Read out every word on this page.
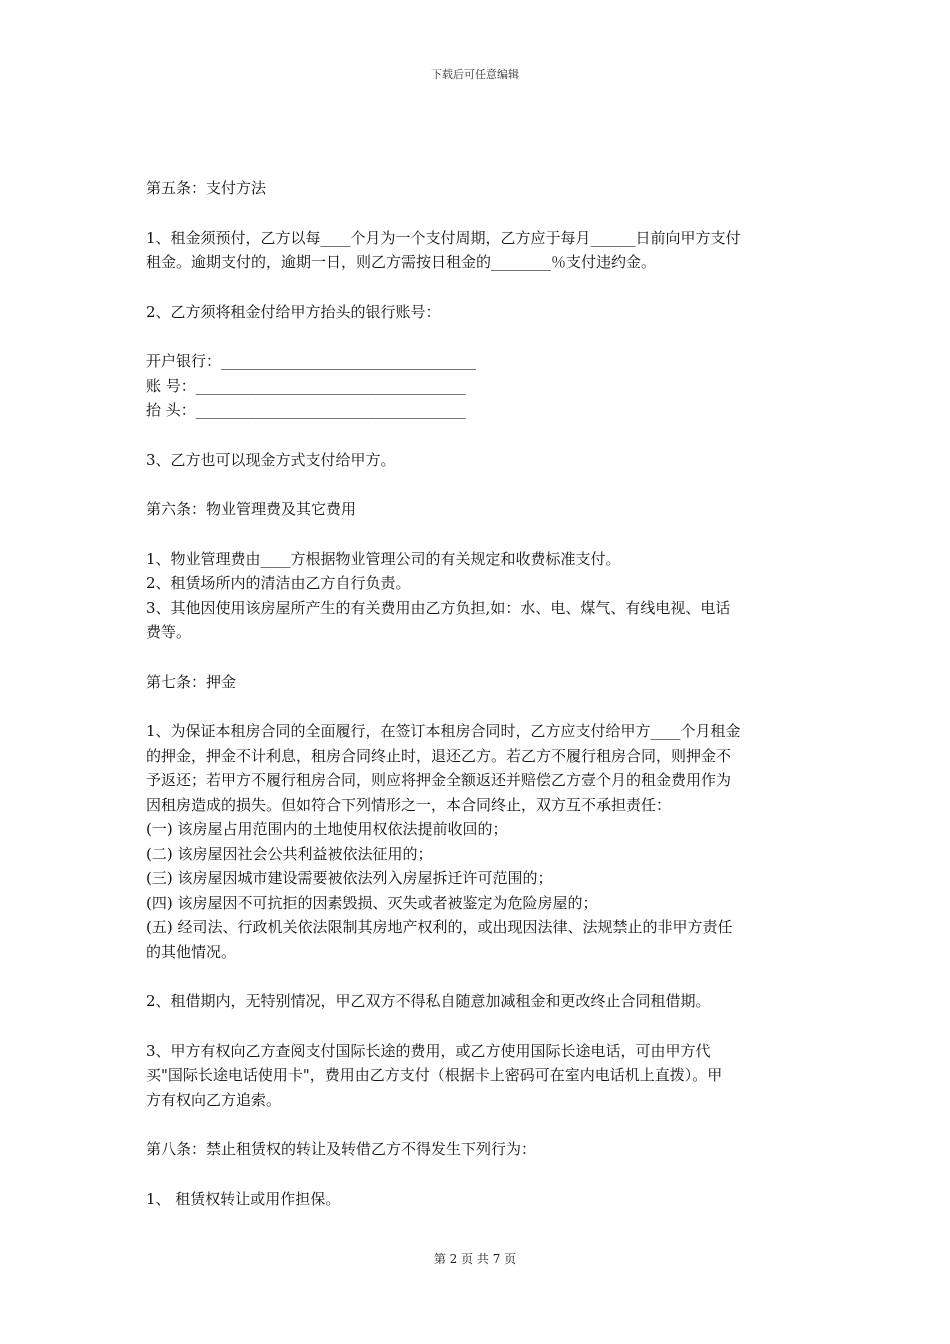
下载后可任意编辑

第五条：支付方法

1、租金须预付，乙方以每____个月为一个支付周期，乙方应于每月______日前向甲方支付

租金。逾期支付的，逾期一日，则乙方需按日租金的________％支付违约金。

2、乙方须将租金付给甲方抬头的银行账号：

开户银行：__________________________________

账 号：____________________________________

抬 头：____________________________________

3、乙方也可以现金方式支付给甲方。

第六条：物业管理费及其它费用

1、物业管理费由____方根据物业管理公司的有关规定和收费标准支付。

2、租赁场所内的清洁由乙方自行负责。

3、其他因使用该房屋所产生的有关费用由乙方负担,如：水、电、煤气、有线电视、电话

费等。

第七条：押金

1、为保证本租房合同的全面履行，在签订本租房合同时，乙方应支付给甲方____个月租金

的押金，押金不计利息，租房合同终止时，退还乙方。若乙方不履行租房合同，则押金不

予返还；若甲方不履行租房合同，则应将押金全额返还并赔偿乙方壹个月的租金费用作为

因租房造成的损失。但如符合下列情形之一，本合同终止，双方互不承担责任：

(一) 该房屋占用范围内的土地使用权依法提前收回的；

(二) 该房屋因社会公共利益被依法征用的；

(三) 该房屋因城市建设需要被依法列入房屋拆迁许可范围的；

(四) 该房屋因不可抗拒的因素毁损、灭失或者被鉴定为危险房屋的；

(五) 经司法、行政机关依法限制其房地产权利的，或出现因法律、法规禁止的非甲方责任

的其他情况。

2、租借期内，无特别情况，甲乙双方不得私自随意加减租金和更改终止合同租借期。

3、甲方有权向乙方查阅支付国际长途的费用，或乙方使用国际长途电话，可由甲方代

买"国际长途电话使用卡"，费用由乙方支付（根据卡上密码可在室内电话机上直拨）。甲

方有权向乙方追索。

第八条：禁止租赁权的转让及转借乙方不得发生下列行为：

1、 租赁权转让或用作担保。

第 2 页 共 7 页
